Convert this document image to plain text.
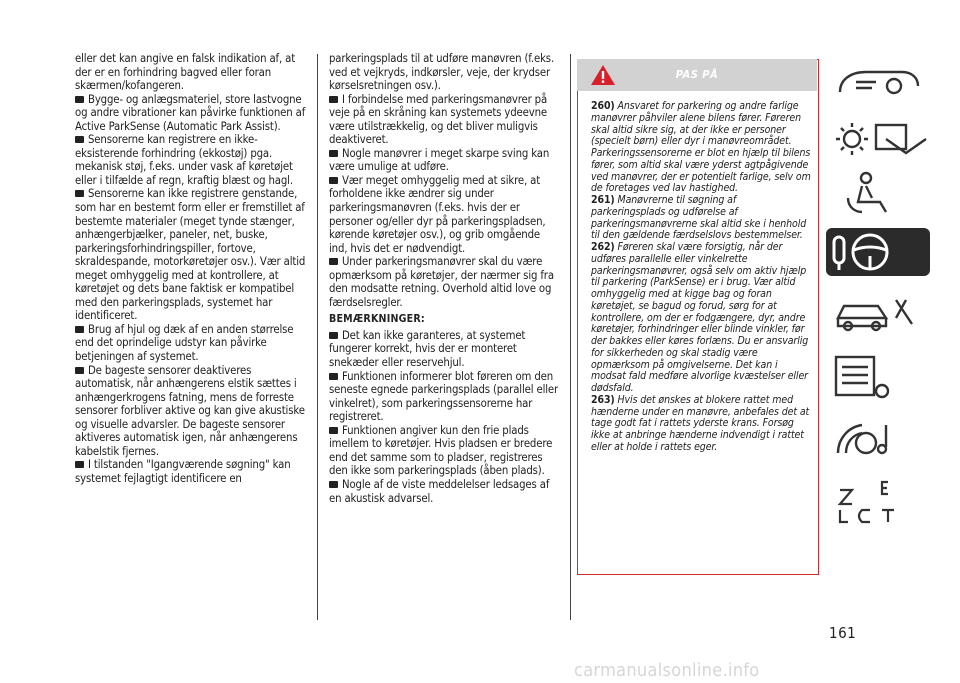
eller det kan angive en falsk indikation af, at der er en forhindring bagved eller foran skærmen/kofangeren.

Bygge- og anlægsmateriel, store lastvogne og andre vibrationer kan påvirke funktionen af Active ParkSense (Automatic Park Assist).

Sensorerne kan registrere en ikke-eksisterende forhindring (ekkostøj) pga. mekanisk støj, f.eks. under vask af køretøjet eller i tilfælde af regn, kraftig blæst og hagl.

Sensorerne kan ikke registrere genstande, som har en bestemt form eller er fremstillet af bestemte materialer (meget tynde stænger, anhængerbjælker, paneler, net, buske, parkeringsforhindringspiller, fortove, skraldespande, motorkøretøjer osv.). Vær altid meget omhyggelig med at kontrollere, at køretøjet og dets bane faktisk er kompatibel med den parkeringsplads, systemet har identificeret.

Brug af hjul og dæk af en anden størrelse end det oprindelige udstyr kan påvirke betjeningen af systemet.

De bageste sensorer deaktiveres automatisk, når anhængerens elstik sættes i anhængerkrogens fatning, mens de forreste sensorer forbliver aktive og kan give akustiske og visuelle advarsler. De bageste sensorer aktiveres automatisk igen, når anhængerens kabelstik fjernes.

I tilstanden "Igangværende søgning" kan systemet fejlagtigt identificere en

parkeringsplads til at udføre manøvren (f.eks. ved et vejkryds, indkørsler, veje, der krydser kørselsretningen osv.).

I forbindelse med parkeringsmanøvrer på veje på en skråning kan systemets ydeevne være utilstrækkelig, og det bliver muligvis deaktiveret.

Nogle manøvrer i meget skarpe sving kan være umulige at udføre.

Vær meget omhyggelig med at sikre, at forholdene ikke ændrer sig under parkeringsmanøvren (f.eks. hvis der er personer og/eller dyr på parkeringspladsen, kørende køretøjer osv.), og grib omgående ind, hvis det er nødvendigt.

Under parkeringsmanøvrer skal du være opmærksom på køretøjer, der nærmer sig fra den modsatte retning. Overhold altid love og færdselsregler.

BEMÆRKNINGER:

Det kan ikke garanteres, at systemet fungerer korrekt, hvis der er monteret snekæder eller reservehjul.

Funktionen informerer blot føreren om den seneste egnede parkeringsplads (parallel eller vinkelret), som parkeringssensorerne har registreret.

Funktionen angiver kun den frie plads imellem to køretøjer. Hvis pladsen er bredere end det samme som to pladser, registreres den ikke som parkeringsplads (åben plads).

Nogle af de viste meddelelser ledsages af en akustisk advarsel.

PAS PÅ

260) Ansvaret for parkering og andre farlige manøvrer påhviler alene bilens fører. Føreren skal altid sikre sig, at der ikke er personer (specielt børn) eller dyr i manøvreområdet. Parkeringssensorerne er blot en hjælp til bilens fører, som altid skal være yderst agtpågivende ved manøvrer, der er potentielt farlige, selv om de foretages ved lav hastighed.

261) Manøvrerne til søgning af parkeringsplads og udførelse af parkeringsmanøvrerne skal altid ske i henhold til den gældende færdselslovs bestemmelser.

262) Føreren skal være forsigtig, når der udføres parallelle eller vinkelrette parkeringsmanøvrer, også selv om aktiv hjælp til parkering (ParkSense) er i brug. Vær altid omhyggelig med at kigge bag og foran køretøjet, se bagud og forud, sørg for at kontrollere, om der er fodgængere, dyr, andre køretøjer, forhindringer eller blinde vinkler, før der bakkes eller køres forlæns. Du er ansvarlig for sikkerheden og skal stadig være opmærksom på omgivelserne. Det kan i modsat fald medføre alvorlige kvæstelser eller dødsfald.

263) Hvis det ønskes at blokere rattet med hænderne under en manøvre, anbefales det at tage godt fat i rattets yderste krans. Forsøg ikke at anbringe hænderne indvendigt i rattet eller at holde i rattets eger.

161
carmanualsonline.info
